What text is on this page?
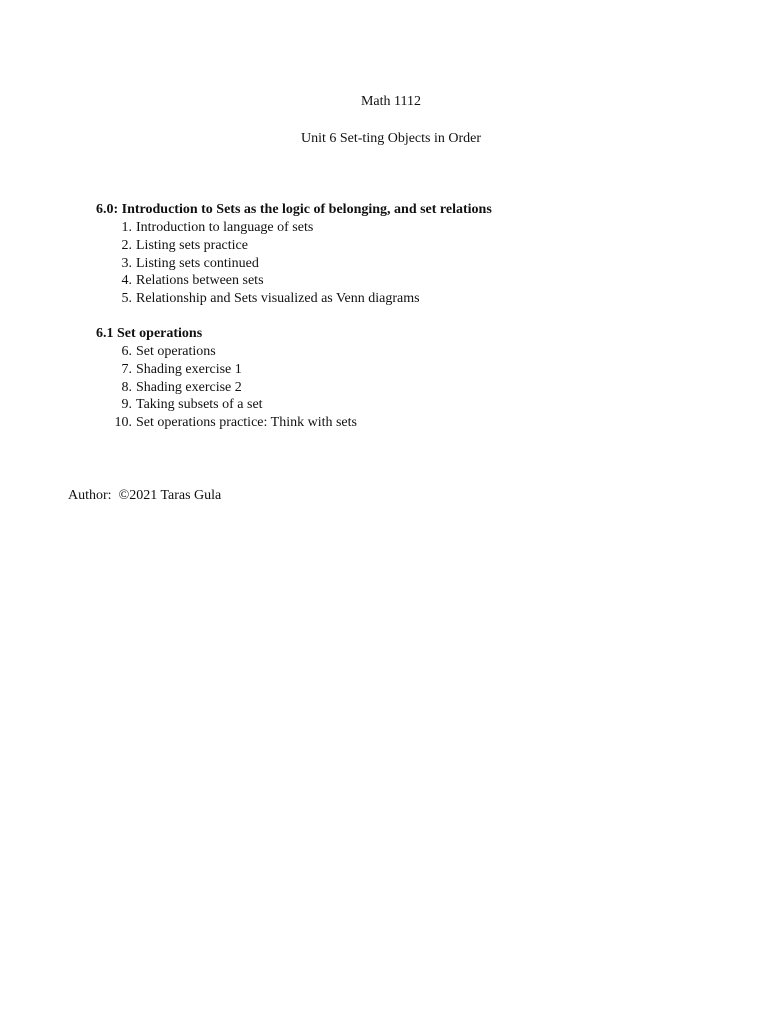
Math 1112
Unit 6 Set-ting Objects in Order

6.0: Introduction to Sets as the logic of belonging, and set relations

1. Introduction to language of sets
2. Listing sets practice
3. Listing sets continued
4. Relations between sets
5. Relationship and Sets visualized as Venn diagrams

6.1 Set operations

6. Set operations
7. Shading exercise 1
8. Shading exercise 2
9. Taking subsets of a set
10. Set operations practice: Think with sets
Author: ©2021 Taras Gula
